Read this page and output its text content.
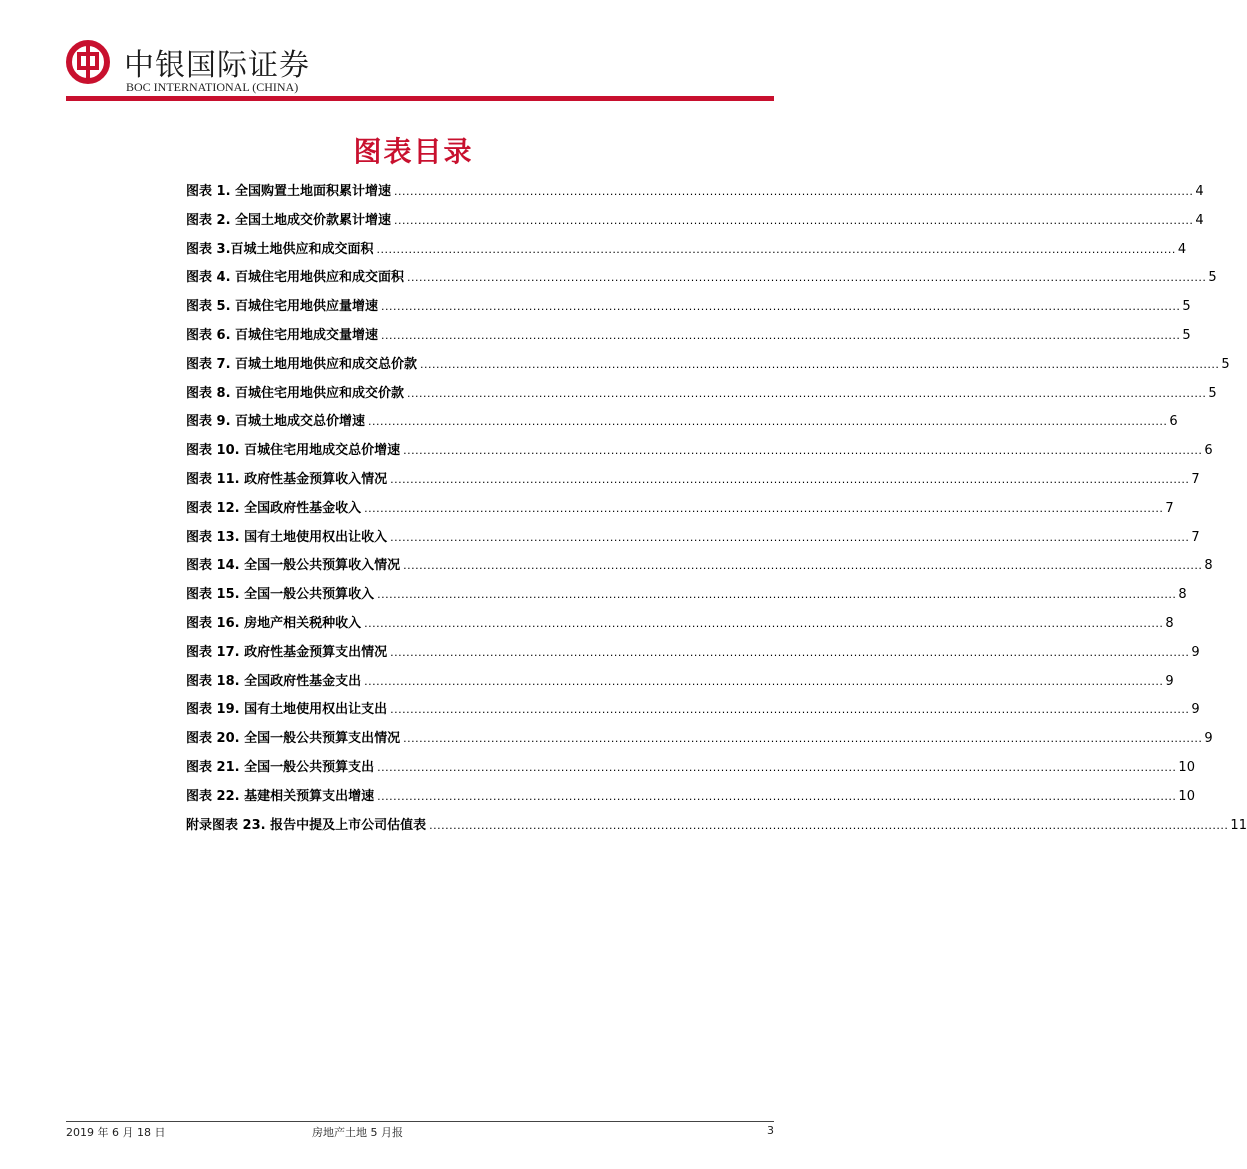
中银国际证券
BOC INTERNATIONAL (CHINA)
图表目录
图表 1. 全国购置土地面积累计增速 ........................................................................................................................................................................................................ 4
图表 2. 全国土地成交价款累计增速 ........................................................................................................................................................................................................ 4
图表 3.百城土地供应和成交面积 ........................................................................................................................................................................................................ 4
图表 4. 百城住宅用地供应和成交面积 ........................................................................................................................................................................................................ 5
图表 5. 百城住宅用地供应量增速 ........................................................................................................................................................................................................ 5
图表 6. 百城住宅用地成交量增速 ........................................................................................................................................................................................................ 5
图表 7. 百城土地用地供应和成交总价款 ........................................................................................................................................................................................................ 5
图表 8. 百城住宅用地供应和成交价款 ........................................................................................................................................................................................................ 5
图表 9. 百城土地成交总价增速 ........................................................................................................................................................................................................ 6
图表 10. 百城住宅用地成交总价增速 ........................................................................................................................................................................................................ 6
图表 11. 政府性基金预算收入情况 ........................................................................................................................................................................................................ 7
图表 12. 全国政府性基金收入 ........................................................................................................................................................................................................ 7
图表 13. 国有土地使用权出让收入 ........................................................................................................................................................................................................ 7
图表 14. 全国一般公共预算收入情况 ........................................................................................................................................................................................................ 8
图表 15. 全国一般公共预算收入 ........................................................................................................................................................................................................ 8
图表 16. 房地产相关税种收入 ........................................................................................................................................................................................................ 8
图表 17. 政府性基金预算支出情况 ........................................................................................................................................................................................................ 9
图表 18. 全国政府性基金支出 ........................................................................................................................................................................................................ 9
图表 19. 国有土地使用权出让支出 ........................................................................................................................................................................................................ 9
图表 20. 全国一般公共预算支出情况 ........................................................................................................................................................................................................ 9
图表 21. 全国一般公共预算支出 ........................................................................................................................................................................................................ 10
图表 22. 基建相关预算支出增速 ........................................................................................................................................................................................................ 10
附录图表 23. 报告中提及上市公司估值表 ........................................................................................................................................................................................................ 11
2019 年 6 月 18 日	房地产土地 5 月报	3
